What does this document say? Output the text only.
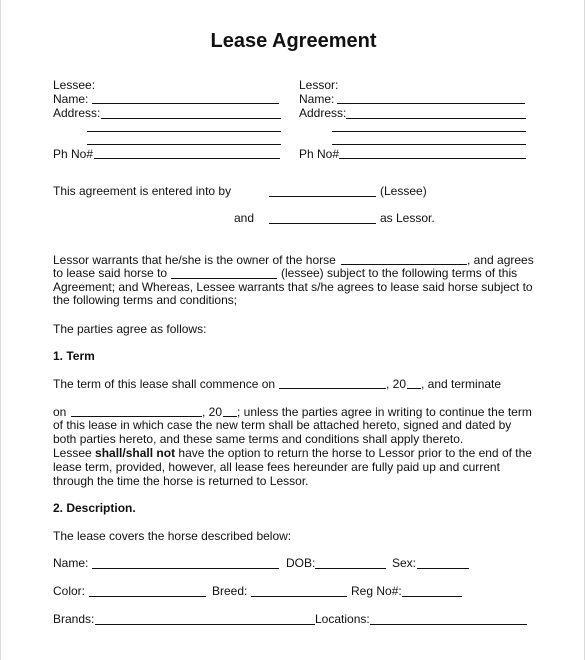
Lease Agreement
Lessee:
Name:
Address:
Ph No#
Lessor:
Name:
Address:
Ph No#
This agreement is entered into by	(Lessee)
and	as Lessor.
Lessor warrants that he/she is the owner of the horse	, and agrees
to lease said horse to	(lessee) subject to the following terms of this
Agreement; and Whereas, Lessee warrants that s/he agrees to lease said horse subject to
the following terms and conditions;
The parties agree as follows:
1. Term
The term of this lease shall commence on	, 20 , and terminate
on	, 20 ; unless the parties agree in writing to continue the term
of this lease in which case the new term shall be attached hereto, signed and dated by
both parties hereto, and these same terms and conditions shall apply thereto.
Lessee shall/shall not have the option to return the horse to Lessor prior to the end of the
lease term, provided, however, all lease fees hereunder are fully paid up and current
through the time the horse is returned to Lessor.
2. Description.
The lease covers the horse described below:
Name:	DOB:	Sex:
Color:	Breed:	Reg No#:
Brands:	Locations:
